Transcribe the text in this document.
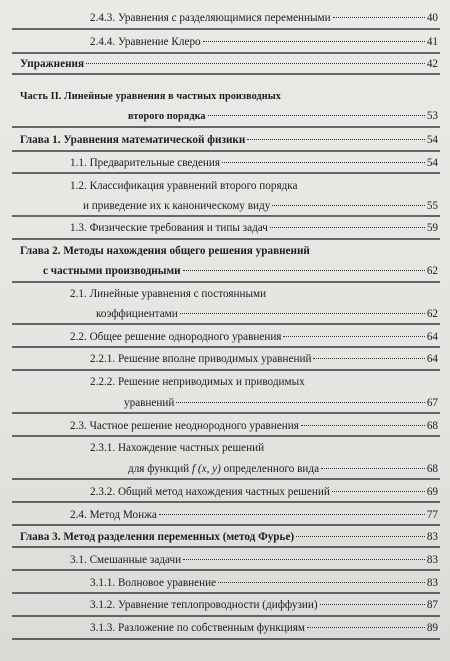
2.4.3. Уравнения с разделяющимися переменными	40
2.4.4. Уравнение Клеро	41
Упражнения	42
Часть II. Линейные уравнения в частных производных
второго порядка	53
Глава 1. Уравнения математической физики	54
1.1. Предварительные сведения	54
1.2. Классификация уравнений второго порядка
и приведение их к каноническому виду	55
1.3. Физические требования и типы задач	59
Глава 2. Методы нахождения общего решения уравнений
с частными производными	62
2.1. Линейные уравнения с постоянными
коэффициентами	62
2.2. Общее решение однородного уравнения	64
2.2.1. Решение вполне приводимых уравнений	64
2.2.2. Решение неприводимых и приводимых
уравнений	67
2.3. Частное решение неоднородного уравнения	68
2.3.1. Нахождение частных решений
для функций f (x, y) определенного вида	68
2.3.2. Общий метод нахождения частных решений	69
2.4. Метод Монжа	77
Глава 3. Метод разделения переменных (метод Фурье)	83
3.1. Смешанные задачи	83
3.1.1. Волновое уравнение	83
3.1.2. Уравнение теплопроводности (диффузии)	87
3.1.3. Разложение по собственным функциям	89
